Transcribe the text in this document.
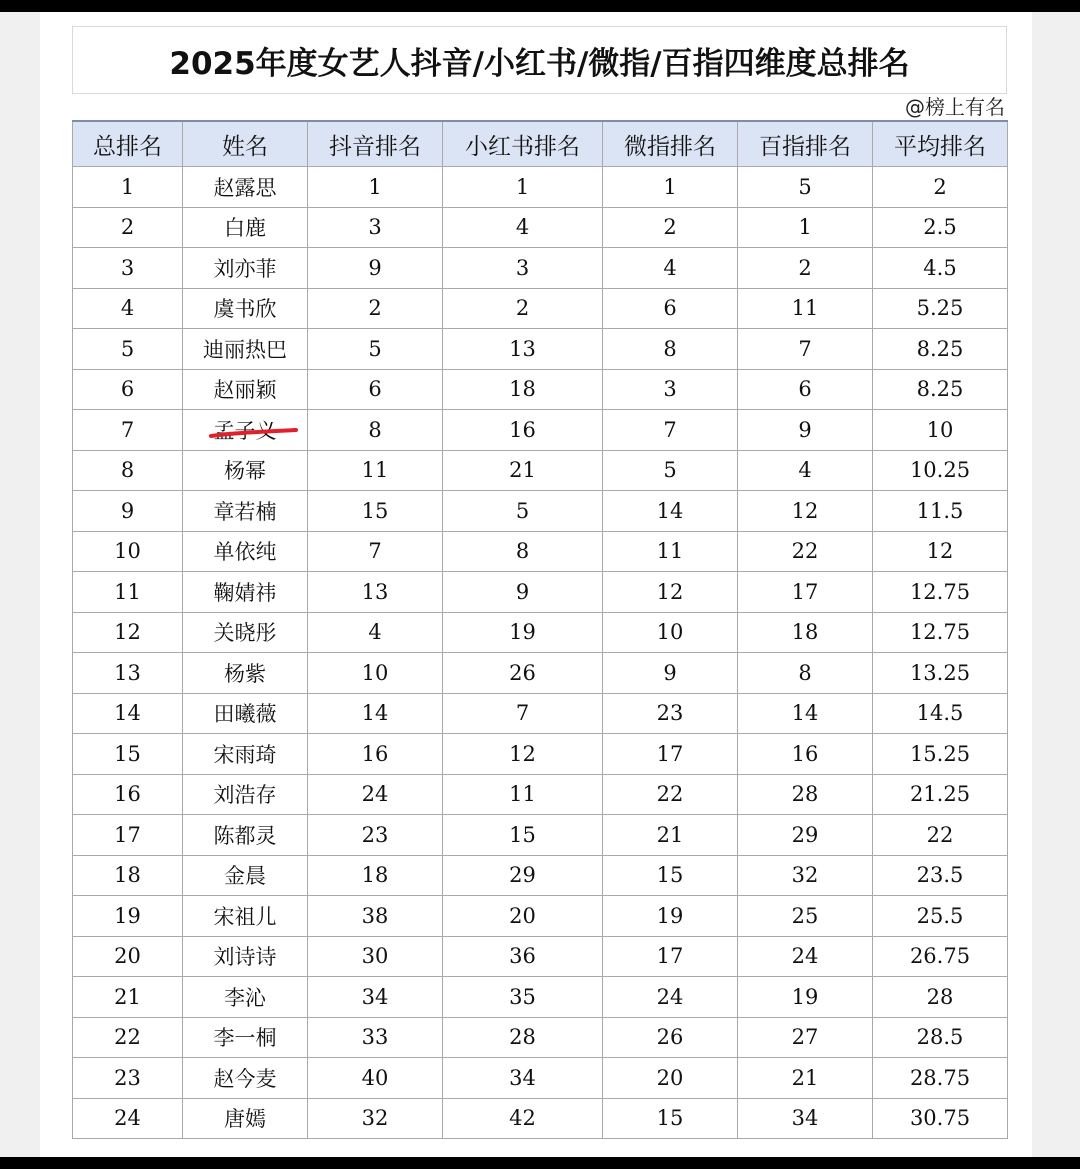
2025年度女艺人抖音/小红书/微指/百指四维度总排名
@榜上有名
总排名	姓名	抖音排名	小红书排名	微指排名	百指排名	平均排名
1	赵露思	1	1	1	5	2
2	白鹿	3	4	2	1	2.5
3	刘亦菲	9	3	4	2	4.5
4	虞书欣	2	2	6	11	5.25
5	迪丽热巴	5	13	8	7	8.25
6	赵丽颖	6	18	3	6	8.25
7	孟子义	8	16	7	9	10
8	杨幂	11	21	5	4	10.25
9	章若楠	15	5	14	12	11.5
10	单依纯	7	8	11	22	12
11	鞠婧祎	13	9	12	17	12.75
12	关晓彤	4	19	10	18	12.75
13	杨紫	10	26	9	8	13.25
14	田曦薇	14	7	23	14	14.5
15	宋雨琦	16	12	17	16	15.25
16	刘浩存	24	11	22	28	21.25
17	陈都灵	23	15	21	29	22
18	金晨	18	29	15	32	23.5
19	宋祖儿	38	20	19	25	25.5
20	刘诗诗	30	36	17	24	26.75
21	李沁	34	35	24	19	28
22	李一桐	33	28	26	27	28.5
23	赵今麦	40	34	20	21	28.75
24	唐嫣	32	42	15	34	30.75
